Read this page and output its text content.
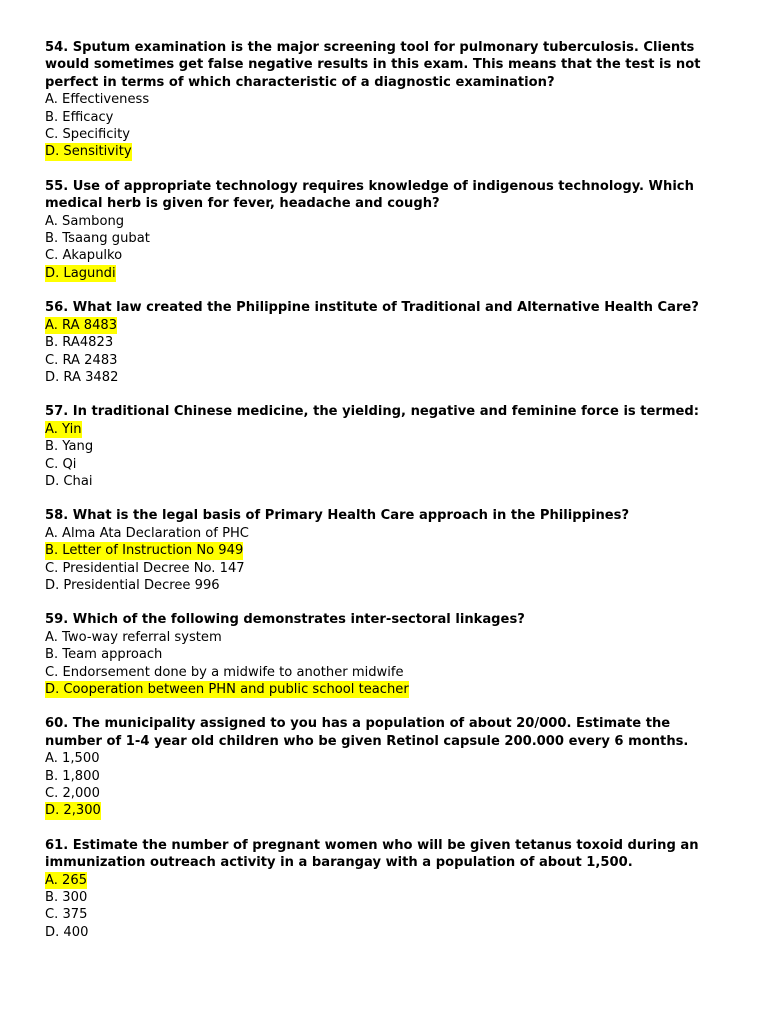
54. Sputum examination is the major screening tool for pulmonary tuberculosis. Clients would sometimes get false negative results in this exam. This means that the test is not perfect in terms of which characteristic of a diagnostic examination?

A. Effectiveness
B. Efficacy
C. Specificity
D. Sensitivity

55. Use of appropriate technology requires knowledge of indigenous technology. Which medical herb is given for fever, headache and cough?

A. Sambong
B. Tsaang gubat
C. Akapulko
D. Lagundi

56. What law created the Philippine institute of Traditional and Alternative Health Care?

A. RA 8483
B. RA4823
C. RA 2483
D. RA 3482

57. In traditional Chinese medicine, the yielding, negative and feminine force is termed:

A. Yin
B. Yang
C. Qi
D. Chai

58. What is the legal basis of Primary Health Care approach in the Philippines?

A. Alma Ata Declaration of PHC
B. Letter of Instruction No 949
C. Presidential Decree No. 147
D. Presidential Decree 996

59. Which of the following demonstrates inter-sectoral linkages?

A. Two-way referral system
B. Team approach
C. Endorsement done by a midwife to another midwife
D. Cooperation between PHN and public school teacher

60. The municipality assigned to you has a population of about 20/000. Estimate the number of 1-4 year old children who be given Retinol capsule 200.000 every 6 months.

A. 1,500
B. 1,800
C. 2,000
D. 2,300

61. Estimate the number of pregnant women who will be given tetanus toxoid during an immunization outreach activity in a barangay with a population of about 1,500.

A. 265
B. 300
C. 375
D. 400
